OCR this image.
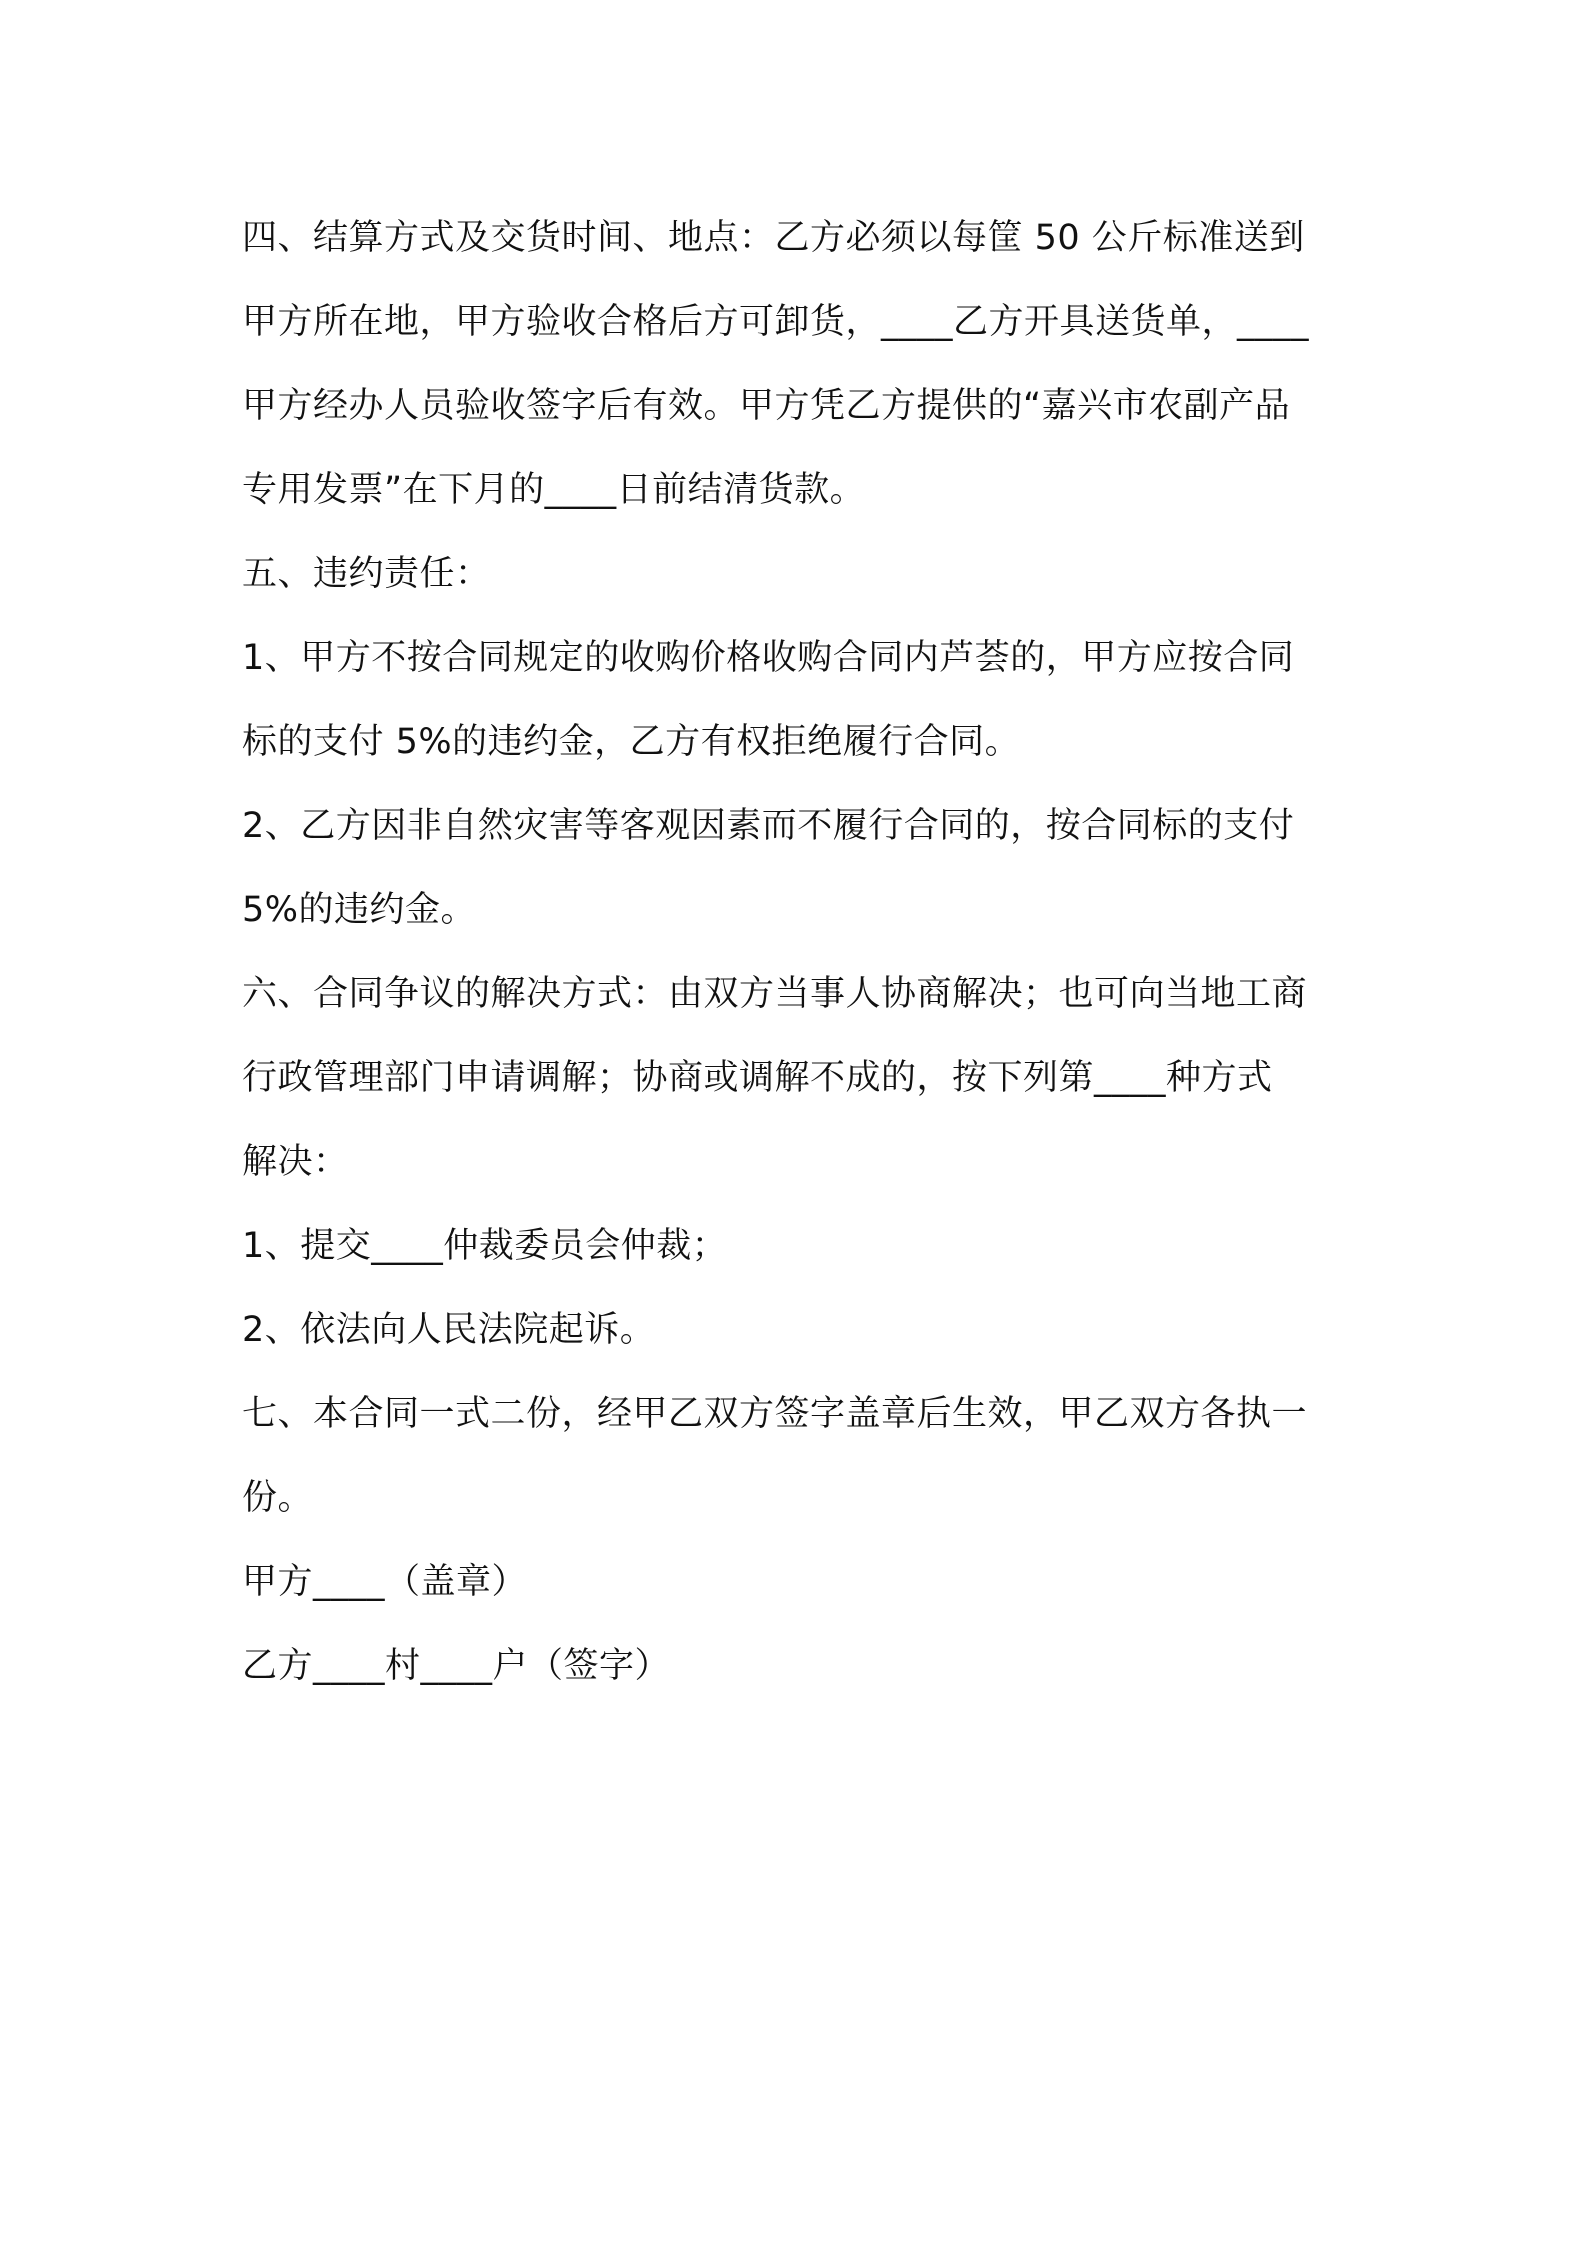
四、结算方式及交货时间、地点：乙方必须以每筐 50 公斤标准送到
甲方所在地，甲方验收合格后方可卸货，____乙方开具送货单，____
甲方经办人员验收签字后有效。甲方凭乙方提供的“嘉兴市农副产品
专用发票”在下月的____日前结清货款。
五、违约责任：
1、甲方不按合同规定的收购价格收购合同内芦荟的，甲方应按合同
标的支付 5%的违约金，乙方有权拒绝履行合同。
2、乙方因非自然灾害等客观因素而不履行合同的，按合同标的支付
5%的违约金。
六、合同争议的解决方式：由双方当事人协商解决；也可向当地工商
行政管理部门申请调解；协商或调解不成的，按下列第____种方式
解决：
1、提交____仲裁委员会仲裁；
2、依法向人民法院起诉。
七、本合同一式二份，经甲乙双方签字盖章后生效，甲乙双方各执一
份。
甲方____（盖章）
乙方____村____户（签字）
